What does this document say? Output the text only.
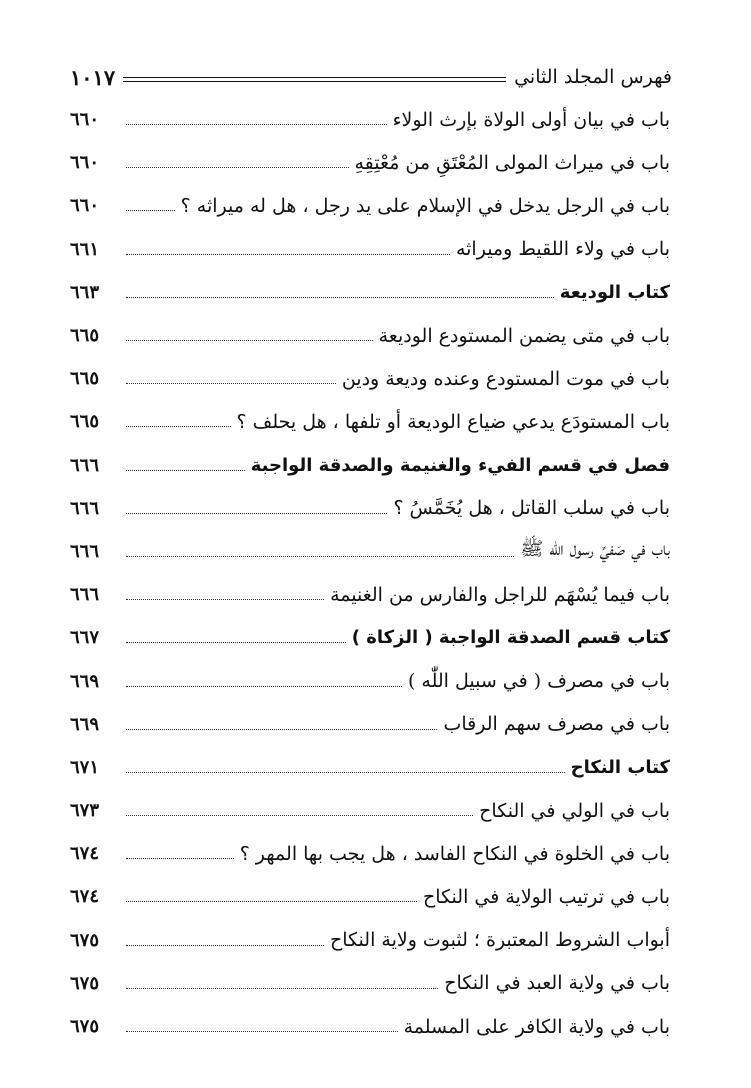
فهرس المجلد الثاني
١٠١٧
باب في بيان أولى الولاة بإرث الولاء
٦٦٠
باب في ميراث المولى المُعْتَقِ من مُعْتِقِهِ
٦٦٠
باب في الرجل يدخل في الإسلام على يد رجل ، هل له ميراثه ؟
٦٦٠
باب في ولاء اللقيط وميراثه
٦٦١
كتاب الوديعة
٦٦٣
باب في متى يضمن المستودع الوديعة
٦٦٥
باب في موت المستودع وعنده وديعة ودين
٦٦٥
باب المستودَع يدعي ضياع الوديعة أو تلفها ، هل يحلف ؟
٦٦٥
فصل في قسم الفيء والغنيمة والصدقة الواجبة
٦٦٦
باب في سلب القاتل ، هل يُخَمَّسُ ؟
٦٦٦
باب في صَفيِّ رسول الله ﷺ
٦٦٦
باب فيما يُسْهَم للراجل والفارس من الغنيمة
٦٦٦
كتاب قسم الصدقة الواجبة ( الزكاة )
٦٦٧
باب في مصرف ( في سبيل اللّٰه )
٦٦٩
باب في مصرف سهم الرقاب
٦٦٩
كتاب النكاح
٦٧١
باب في الولي في النكاح
٦٧٣
باب في الخلوة في النكاح الفاسد ، هل يجب بها المهر ؟
٦٧٤
باب في ترتيب الولاية في النكاح
٦٧٤
أبواب الشروط المعتبرة ؛ لثبوت ولاية النكاح
٦٧٥
باب في ولاية العبد في النكاح
٦٧٥
باب في ولاية الكافر على المسلمة
٦٧٥
